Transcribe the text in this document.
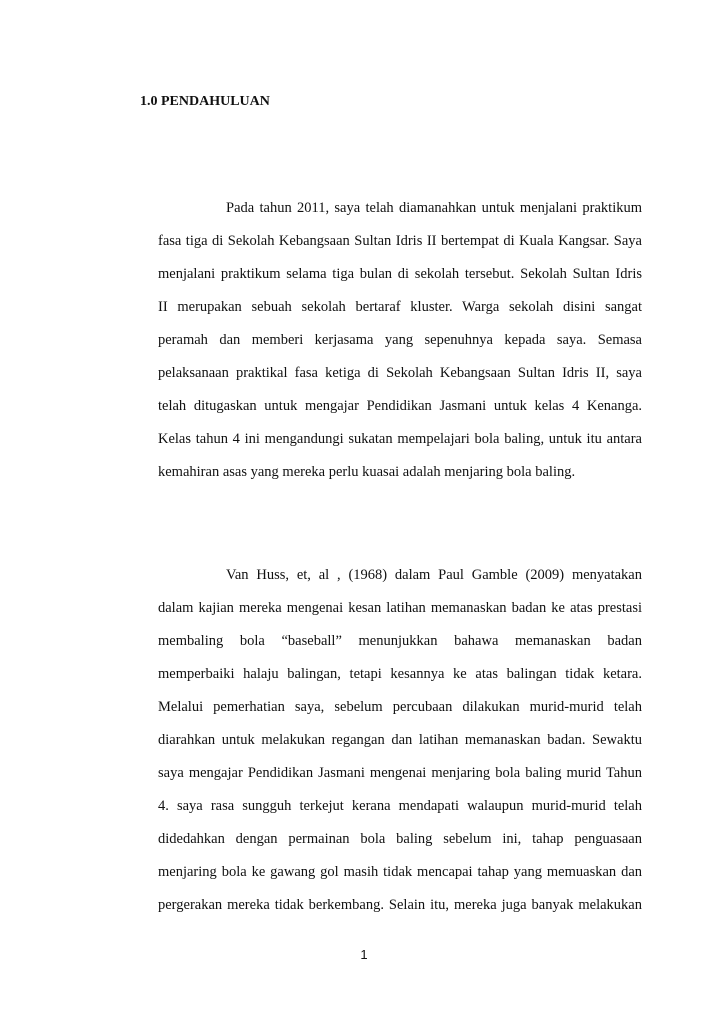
1.0 PENDAHULUAN
Pada tahun 2011, saya telah diamanahkan untuk menjalani praktikum
fasa tiga di Sekolah Kebangsaan Sultan Idris II bertempat di Kuala Kangsar. Saya
menjalani praktikum selama tiga bulan di sekolah tersebut. Sekolah Sultan Idris
II merupakan sebuah sekolah bertaraf kluster. Warga sekolah disini sangat
peramah dan memberi kerjasama yang sepenuhnya kepada saya. Semasa
pelaksanaan praktikal fasa ketiga di Sekolah Kebangsaan Sultan Idris II, saya
telah ditugaskan untuk mengajar Pendidikan Jasmani untuk kelas 4 Kenanga.
Kelas tahun 4 ini mengandungi sukatan mempelajari bola baling, untuk itu antara
kemahiran asas yang mereka perlu kuasai adalah menjaring bola baling.
Van Huss, et, al , (1968) dalam Paul Gamble (2009) menyatakan
dalam kajian mereka mengenai kesan latihan memanaskan badan ke atas prestasi
membaling bola “baseball” menunjukkan bahawa memanaskan badan
memperbaiki halaju balingan, tetapi kesannya ke atas balingan tidak ketara.
Melalui pemerhatian saya, sebelum percubaan dilakukan murid-murid telah
diarahkan untuk melakukan regangan dan latihan memanaskan badan. Sewaktu
saya mengajar Pendidikan Jasmani mengenai menjaring bola baling murid Tahun
4. saya rasa sungguh terkejut kerana mendapati walaupun murid-murid telah
didedahkan dengan permainan bola baling sebelum ini, tahap penguasaan
menjaring bola ke gawang gol masih tidak mencapai tahap yang memuaskan dan
pergerakan mereka tidak berkembang. Selain itu, mereka juga banyak melakukan
1
